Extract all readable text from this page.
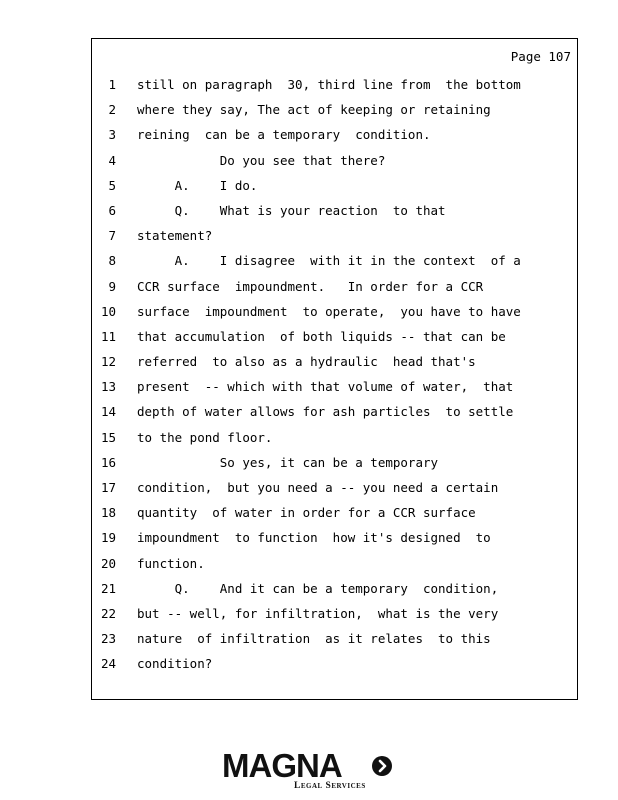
Page 107
1 still on paragraph  30, third line from  the bottom
2 where they say, The act of keeping or retaining
3 reining  can be a temporary  condition.
4 Do you see that there?
5 A.    I do.
6 Q.    What is your reaction  to that
7 statement?
8 A.    I disagree  with it in the context  of a
9 CCR surface  impoundment.   In order for a CCR
10 surface  impoundment  to operate,  you have to have
11 that accumulation  of both liquids -- that can be
12 referred  to also as a hydraulic  head that's
13 present  -- which with that volume of water,  that
14 depth of water allows for ash particles  to settle
15 to the pond floor.
16 So yes, it can be a temporary
17 condition,  but you need a -- you need a certain
18 quantity  of water in order for a CCR surface
19 impoundment  to function  how it's designed  to
20 function.
21 Q.    And it can be a temporary  condition,
22 but -- well, for infiltration,  what is the very
23 nature  of infiltration  as it relates  to this
24 condition?
MAGNA
Legal Services
